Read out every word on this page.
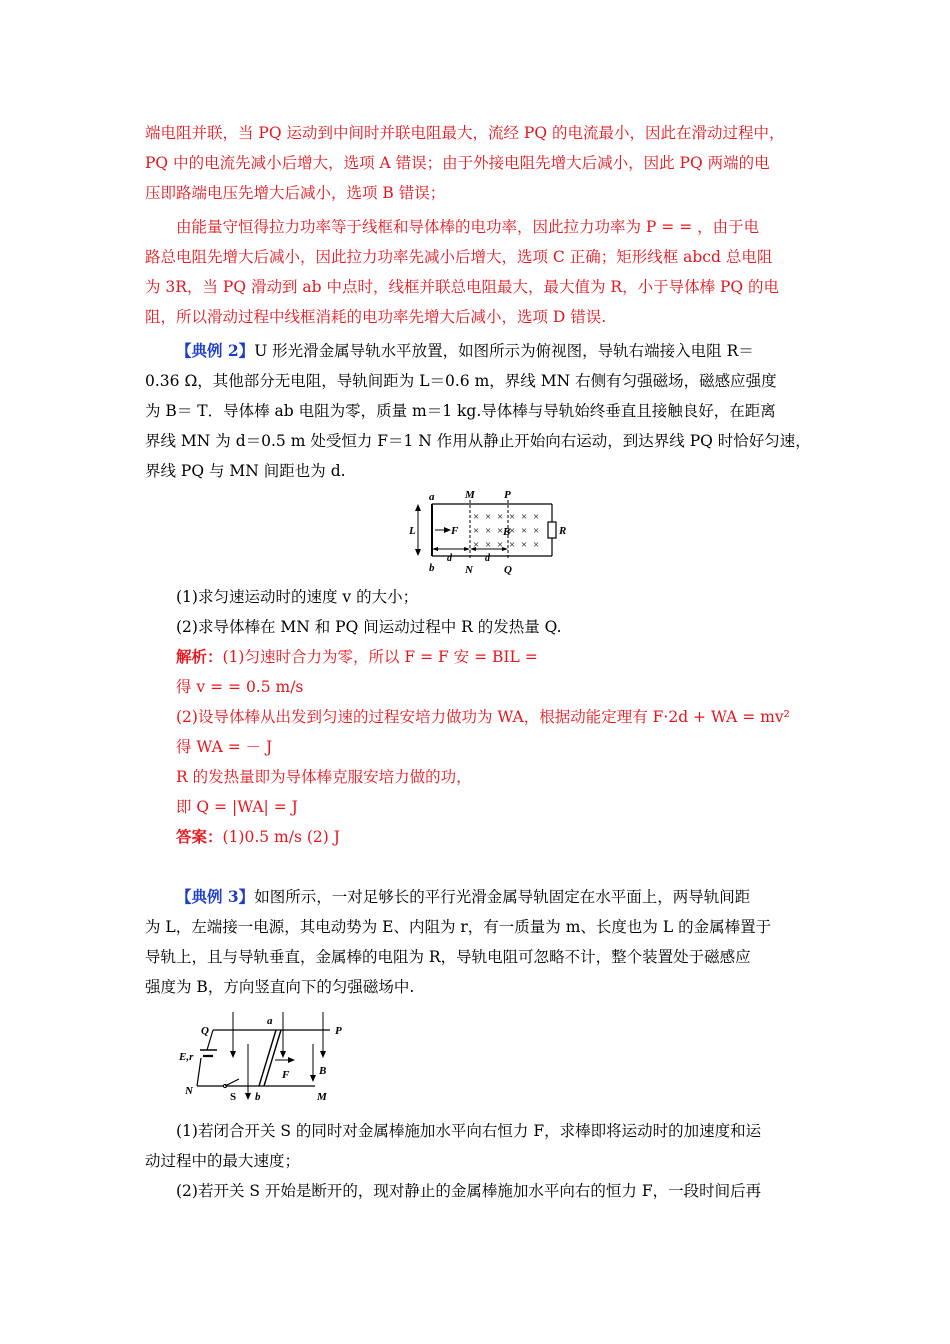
端电阻并联，当 PQ 运动到中间时并联电阻最大，流经 PQ 的电流最小，因此在滑动过程中，
PQ 中的电流先减小后增大，选项 A 错误；由于外接电阻先增大后减小，因此 PQ 两端的电
压即路端电压先增大后减小，选项 B 错误；
由能量守恒得拉力功率等于线框和导体棒的电功率，因此拉力功率为 P = = ，由于电
路总电阻先增大后减小，因此拉力功率先减小后增大，选项 C 正确；矩形线框 abcd 总电阻
为 3R，当 PQ 滑动到 ab 中点时，线框并联总电阻最大，最大值为 R，小于导体棒 PQ 的电
阻，所以滑动过程中线框消耗的电功率先增大后减小，选项 D 错误.
【典例 2】U 形光滑金属导轨水平放置，如图所示为俯视图，导轨右端接入电阻 R＝
0.36 Ω，其他部分无电阻，导轨间距为 L＝0.6 m，界线 MN 右侧有匀强磁场，磁感应强度
为 B＝ T．导体棒 ab 电阻为零，质量 m＝1 kg.导体棒与导轨始终垂直且接触良好，在距离
界线 MN 为 d＝0.5 m 处受恒力 F＝1 N 作用从静止开始向右运动，到达界线 PQ 时恰好匀速，
界线 PQ 与 MN 间距也为 d.
× × × × × ×
× × × × × ×
× × × × × ×
a
b
M
N
P
Q
L	F	B	R
d	d
(1)求匀速运动时的速度 v 的大小；
(2)求导体棒在 MN 和 PQ 间运动过程中 R 的发热量 Q.
解析：(1)匀速时合力为零，所以 F = F 安 = BIL =
得 v = = 0.5 m/s
(2)设导体棒从出发到匀速的过程安培力做功为 WA，根据动能定理有 F·2d + WA = mv²
得 WA = － J
R 的发热量即为导体棒克服安培力做的功，
即 Q = |WA| = J
答案：(1)0.5 m/s (2) J
【典例 3】如图所示，一对足够长的平行光滑金属导轨固定在水平面上，两导轨间距
为 L，左端接一电源，其电动势为 E、内阻为 r，有一质量为 m、长度也为 L 的金属棒置于
导轨上，且与导轨垂直，金属棒的电阻为 R，导轨电阻可忽略不计，整个装置处于磁感应
强度为 B，方向竖直向下的匀强磁场中.
Q
a
P
E,r
F	B
N	S b	M
(1)若闭合开关 S 的同时对金属棒施加水平向右恒力 F，求棒即将运动时的加速度和运
动过程中的最大速度；
(2)若开关 S 开始是断开的，现对静止的金属棒施加水平向右的恒力 F，一段时间后再
